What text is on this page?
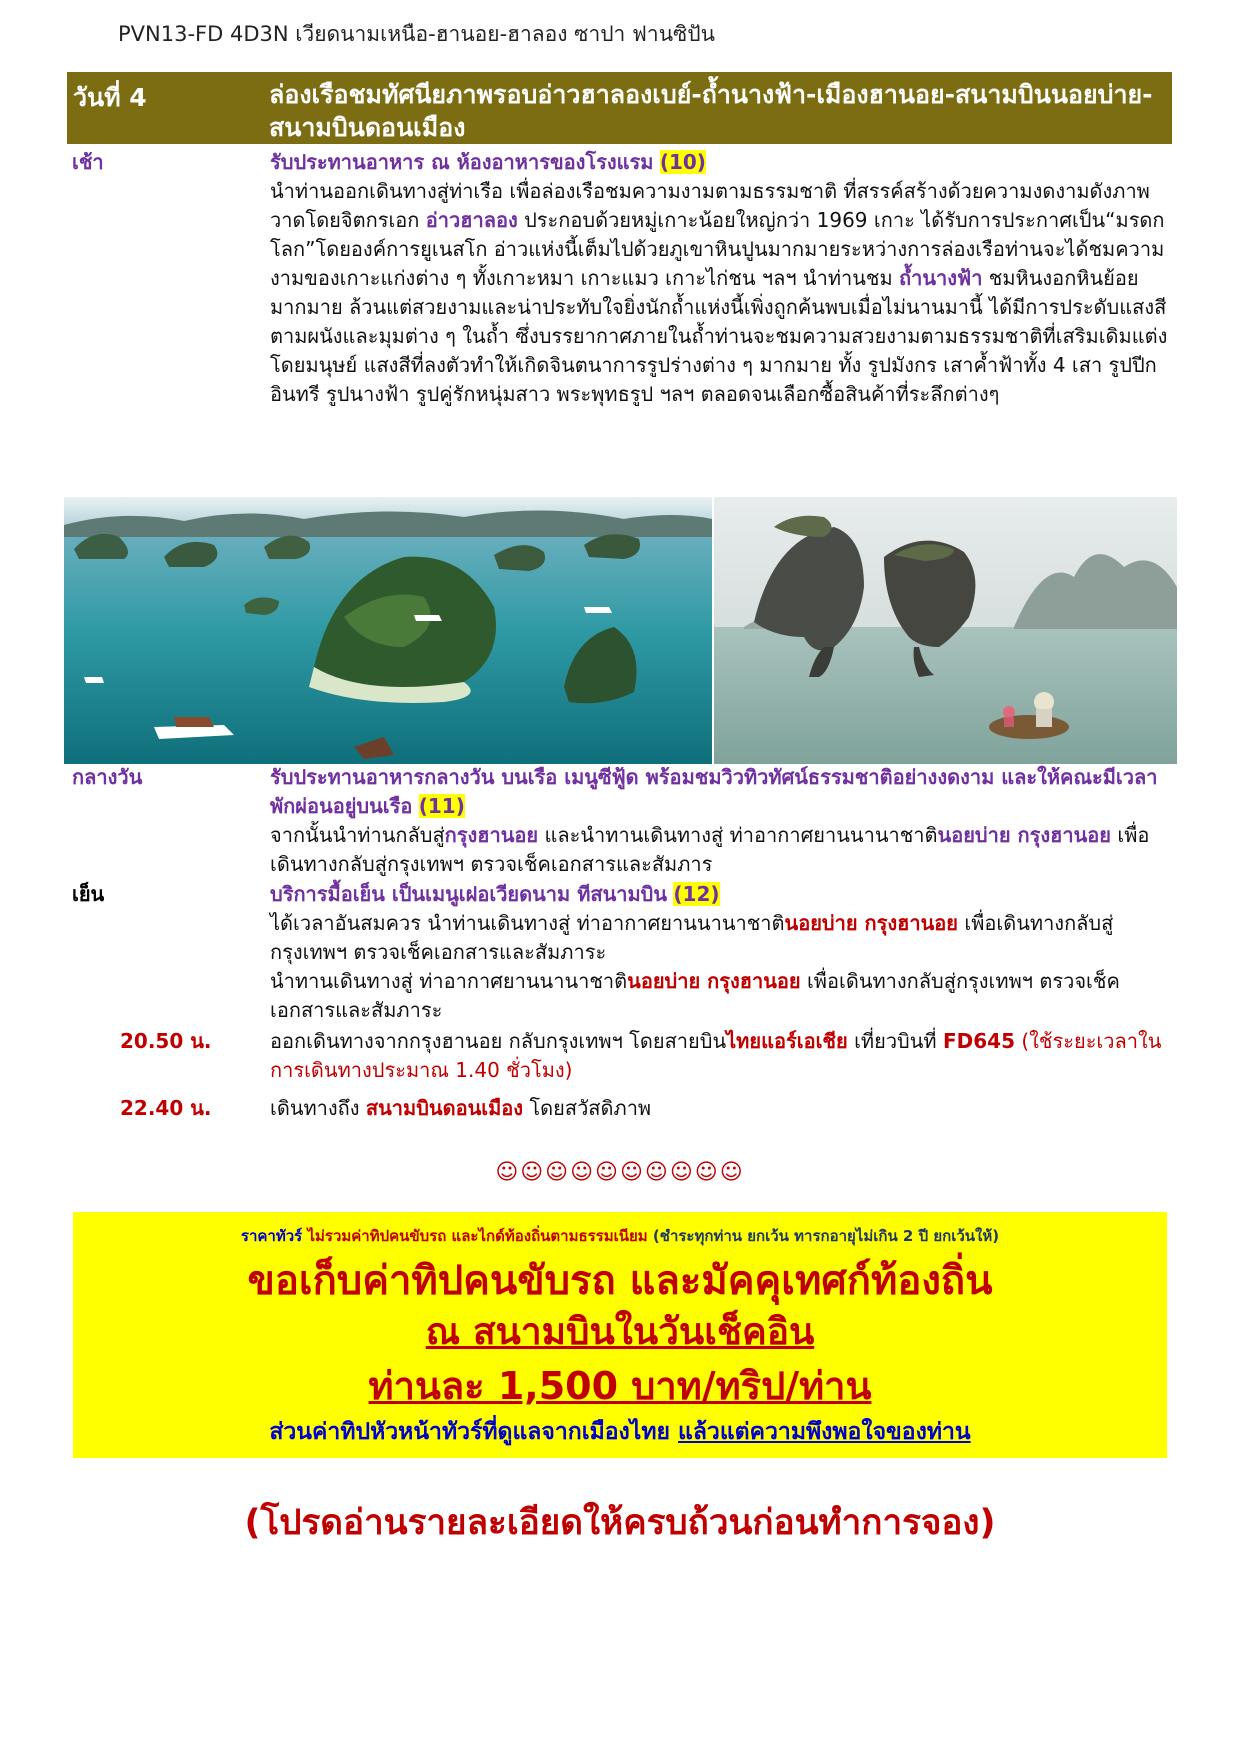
PVN13-FD 4D3N เวียดนามเหนือ-ฮานอย-ฮาลอง ซาปา ฟานซิปัน
วันที่ 4	ล่องเรือชมทัศนียภาพรอบอ่าวฮาลองเบย์-ถ้ำนางฟ้า-เมืองฮานอย-สนามบินนอยบ่าย-สนามบินดอนเมือง
เช้า	รับประทานอาหาร ณ ห้องอาหารของโรงแรม (10)
นำท่านออกเดินทางสู่ท่าเรือ เพื่อล่องเรือชมความงามตามธรรมชาติ ที่สรรค์สร้างด้วยความงดงามดังภาพวาดโดยจิตกรเอก อ่าวฮาลอง ประกอบด้วยหมู่เกาะน้อยใหญ่กว่า 1969 เกาะ ได้รับการประกาศเป็น“มรดกโลก”โดยองค์การยูเนสโก อ่าวแห่งนี้เต็มไปด้วยภูเขาหินปูนมากมายระหว่างการล่องเรือท่านจะได้ชมความงามของเกาะแก่งต่าง ๆ ทั้งเกาะหมา เกาะแมว เกาะไก่ชน ฯลฯ นำท่านชม ถ้ำนางฟ้า ชมหินงอกหินย้อยมากมาย ล้วนแต่สวยงามและน่าประทับใจยิ่งนักถ้ำแห่งนี้เพิ่งถูกค้นพบเมื่อไม่นานมานี้ ได้มีการประดับแสงสีตามผนังและมุมต่าง ๆ ในถ้ำ ซึ่งบรรยากาศภายในถ้ำท่านจะชมความสวยงามตามธรรมชาติที่เสริมเดิมแต่งโดยมนุษย์ แสงสีที่ลงตัวทำให้เกิดจินตนาการรูปร่างต่าง ๆ มากมาย ทั้ง รูปมังกร เสาค้ำฟ้าทั้ง 4 เสา รูปปีกอินทรี รูปนางฟ้า รูปคู่รักหนุ่มสาว พระพุทธรูป ฯลฯ ตลอดจนเลือกซื้อสินค้าที่ระลึกต่างๆ
กลางวัน	รับประทานอาหารกลางวัน บนเรือ เมนูซีฟู้ด พร้อมชมวิวทิวทัศน์ธรรมชาติอย่างงดงาม และให้คณะมีเวลาพักผ่อนอยู่บนเรือ (11)
จากนั้นนำท่านกลับสู่กรุงฮานอย และนำทานเดินทางสู่ ท่าอากาศยานนานาชาตินอยบ่าย กรุงฮานอย เพื่อเดินทางกลับสู่กรุงเทพฯ ตรวจเช็คเอกสารและสัมภาร
เย็น	บริการมื้อเย็น เป็นเมนูเฝอเวียดนาม ทีสนามบิน (12)
ได้เวลาอันสมควร นำท่านเดินทางสู่ ท่าอากาศยานนานาชาตินอยบ่าย กรุงฮานอย เพื่อเดินทางกลับสู่กรุงเทพฯ ตรวจเช็คเอกสารและสัมภาระ
นำทานเดินทางสู่ ท่าอากาศยานนานาชาตินอยบ่าย กรุงฮานอย เพื่อเดินทางกลับสู่กรุงเทพฯ ตรวจเช็คเอกสารและสัมภาระ
20.50 น.	ออกเดินทางจากกรุงฮานอย กลับกรุงเทพฯ โดยสายบินไทยแอร์เอเชีย เที่ยวบินที่ FD645 (ใช้ระยะเวลาในการเดินทางประมาณ 1.40 ชั่วโมง)
22.40 น.	เดินทางถึง สนามบินดอนเมือง โดยสวัสดิภาพ
☺☺☺☺☺☺☺☺☺☺
ราคาทัวร์ ไม่รวมค่าทิปคนขับรถ และไกด์ท้องถิ่นตามธรรมเนียม (ชำระทุกท่าน ยกเว้น ทารกอายุไม่เกิน 2 ปี ยกเว้นให้)
ขอเก็บค่าทิปคนขับรถ และมัคคุเทศก์ท้องถิ่น
ณ สนามบินในวันเช็คอิน
ท่านละ 1,500 บาท/ทริป/ท่าน
ส่วนค่าทิปหัวหน้าทัวร์ที่ดูแลจากเมืองไทย แล้วแต่ความพึงพอใจของท่าน
(โปรดอ่านรายละเอียดให้ครบถ้วนก่อนทำการจอง)
